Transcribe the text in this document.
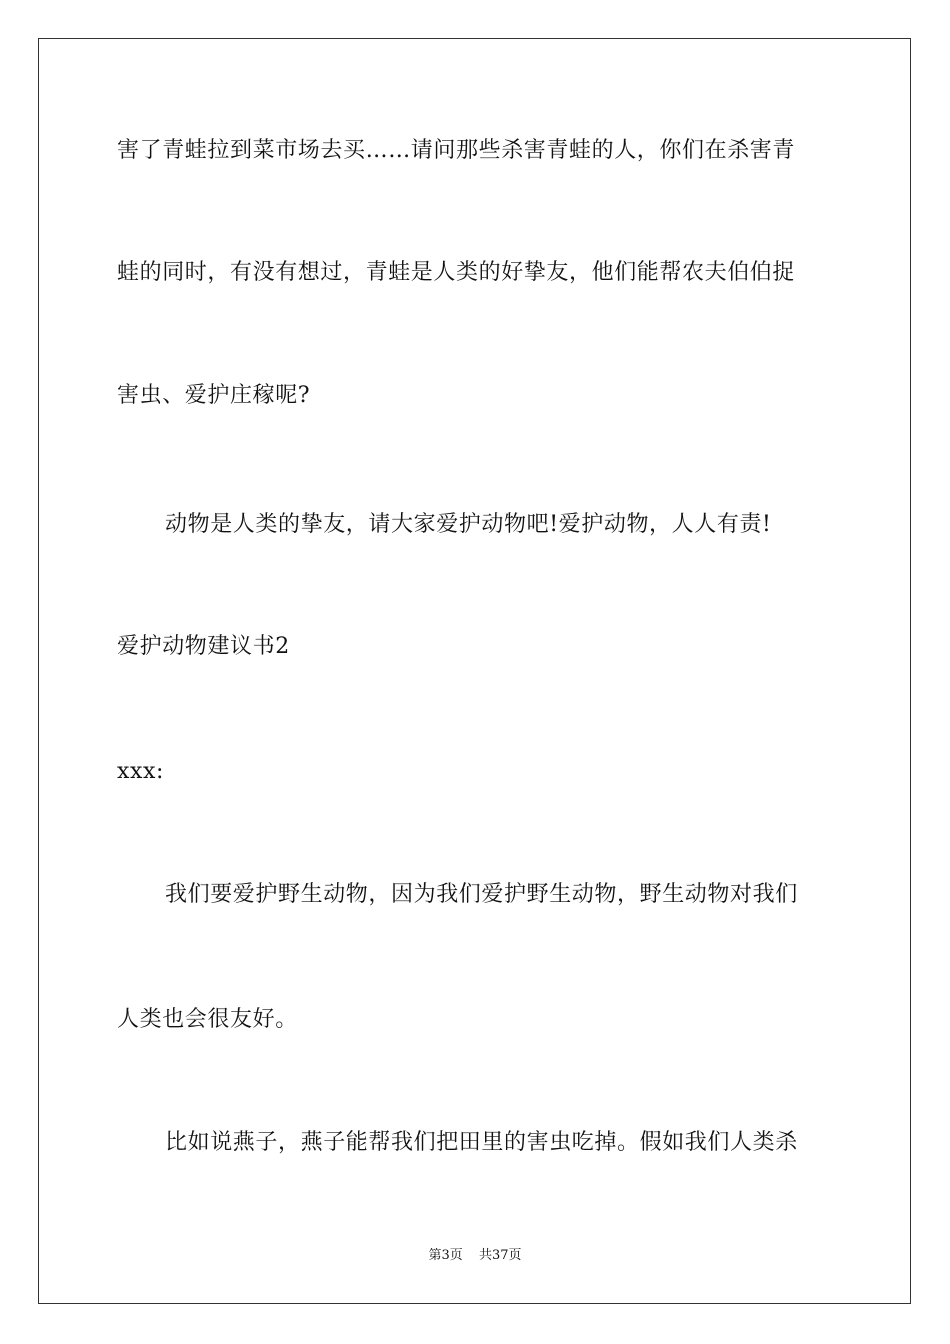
害了青蛙拉到菜市场去买……请问那些杀害青蛙的人，你们在杀害青
蛙的同时，有没有想过，青蛙是人类的好挚友，他们能帮农夫伯伯捉
害虫、爱护庄稼呢?
动物是人类的挚友，请大家爱护动物吧!爱护动物，人人有责!
爱护动物建议书2
xxx:
我们要爱护野生动物，因为我们爱护野生动物，野生动物对我们
人类也会很友好。
比如说燕子，燕子能帮我们把田里的害虫吃掉。假如我们人类杀
第3页 共37页
